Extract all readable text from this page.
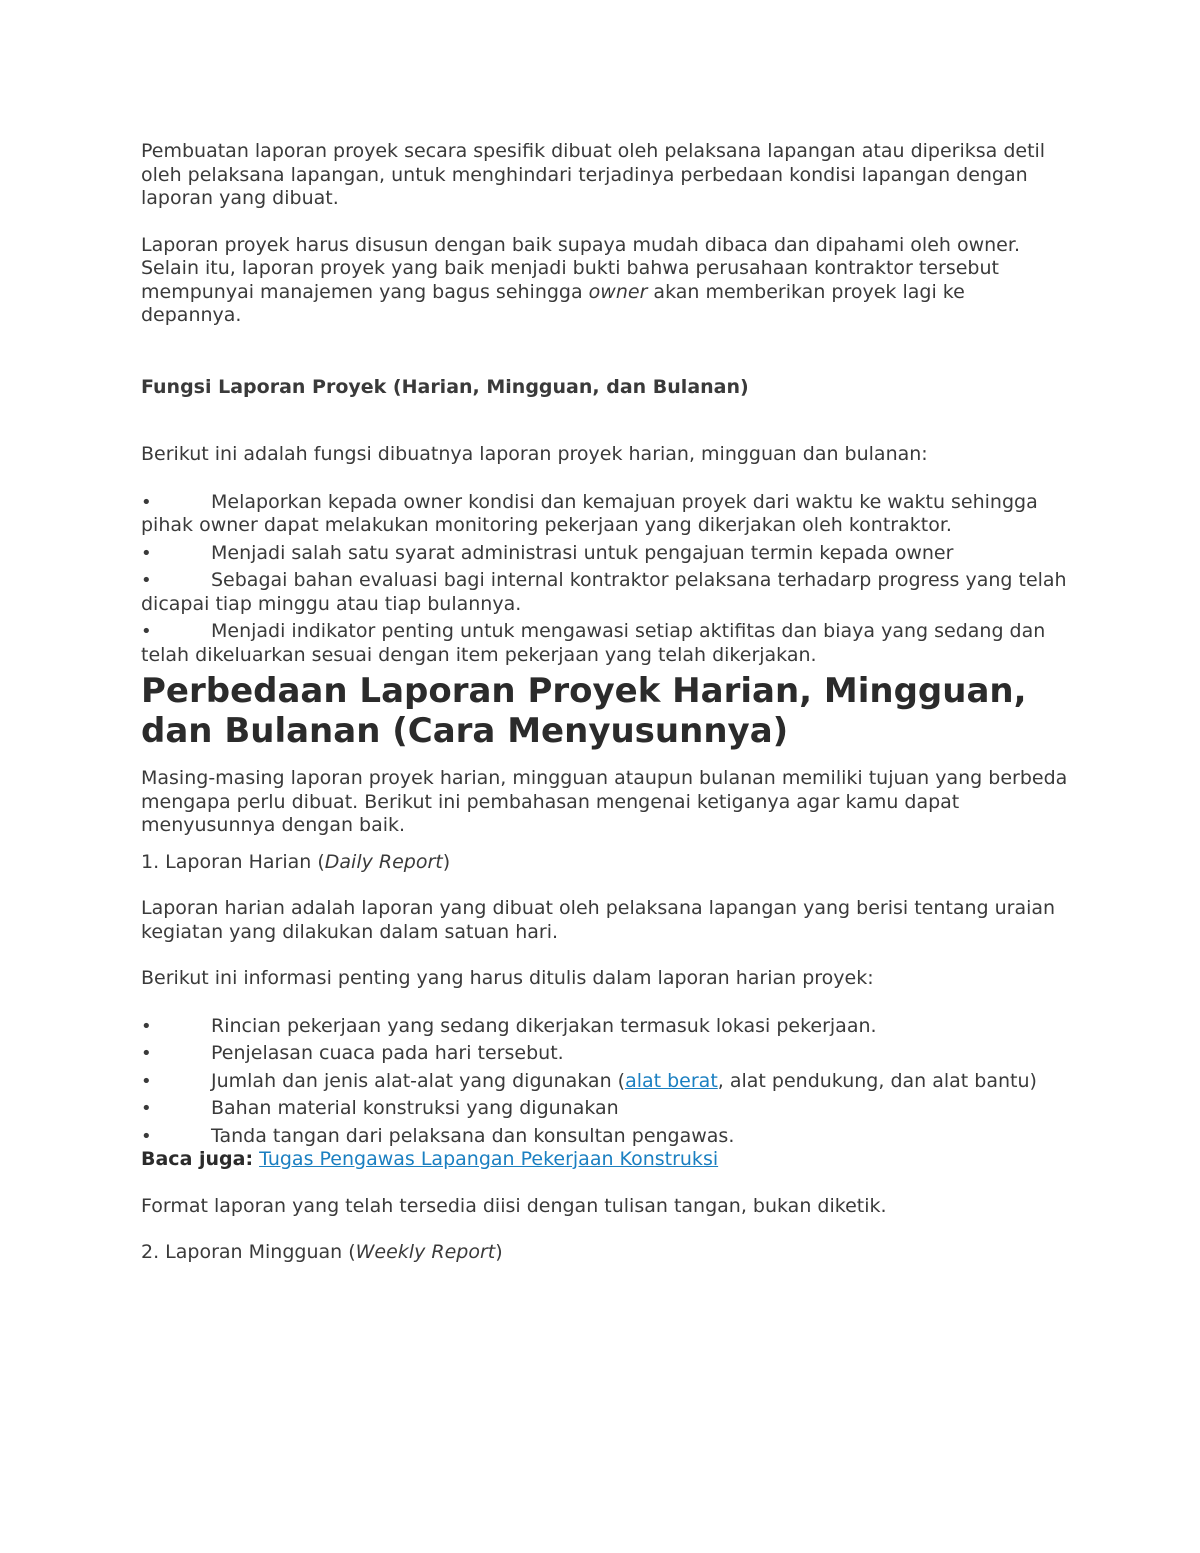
Pembuatan laporan proyek secara spesifik dibuat oleh pelaksana lapangan atau diperiksa detil oleh pelaksana lapangan, untuk menghindari terjadinya perbedaan kondisi lapangan dengan laporan yang dibuat.

Laporan proyek harus disusun dengan baik supaya mudah dibaca dan dipahami oleh owner. Selain itu, laporan proyek yang baik menjadi bukti bahwa perusahaan kontraktor tersebut mempunyai manajemen yang bagus sehingga owner akan memberikan proyek lagi ke depannya.

Fungsi Laporan Proyek (Harian, Mingguan, dan Bulanan)

Berikut ini adalah fungsi dibuatnya laporan proyek harian, mingguan dan bulanan:

•	Melaporkan kepada owner kondisi dan kemajuan proyek dari waktu ke waktu sehingga pihak owner dapat melakukan monitoring pekerjaan yang dikerjakan oleh kontraktor.
•	Menjadi salah satu syarat administrasi untuk pengajuan termin kepada owner
•	Sebagai bahan evaluasi bagi internal kontraktor pelaksana terhadarp progress yang telah dicapai tiap minggu atau tiap bulannya.
•	Menjadi indikator penting untuk mengawasi setiap aktifitas dan biaya yang sedang dan telah dikeluarkan sesuai dengan item pekerjaan yang telah dikerjakan.
Perbedaan Laporan Proyek Harian, Mingguan, dan Bulanan (Cara Menyusunnya)

Masing-masing laporan proyek harian, mingguan ataupun bulanan memiliki tujuan yang berbeda mengapa perlu dibuat. Berikut ini pembahasan mengenai ketiganya agar kamu dapat menyusunnya dengan baik.

1. Laporan Harian (Daily Report)

Laporan harian adalah laporan yang dibuat oleh pelaksana lapangan yang berisi tentang uraian kegiatan yang dilakukan dalam satuan hari.

Berikut ini informasi penting yang harus ditulis dalam laporan harian proyek:

•	Rincian pekerjaan yang sedang dikerjakan termasuk lokasi pekerjaan.
•	Penjelasan cuaca pada hari tersebut.
•	Jumlah dan jenis alat-alat yang digunakan (alat berat, alat pendukung, dan alat bantu)
•	Bahan material konstruksi yang digunakan
•	Tanda tangan dari pelaksana dan konsultan pengawas.

Baca juga: Tugas Pengawas Lapangan Pekerjaan Konstruksi

Format laporan yang telah tersedia diisi dengan tulisan tangan, bukan diketik.

2. Laporan Mingguan (Weekly Report)
